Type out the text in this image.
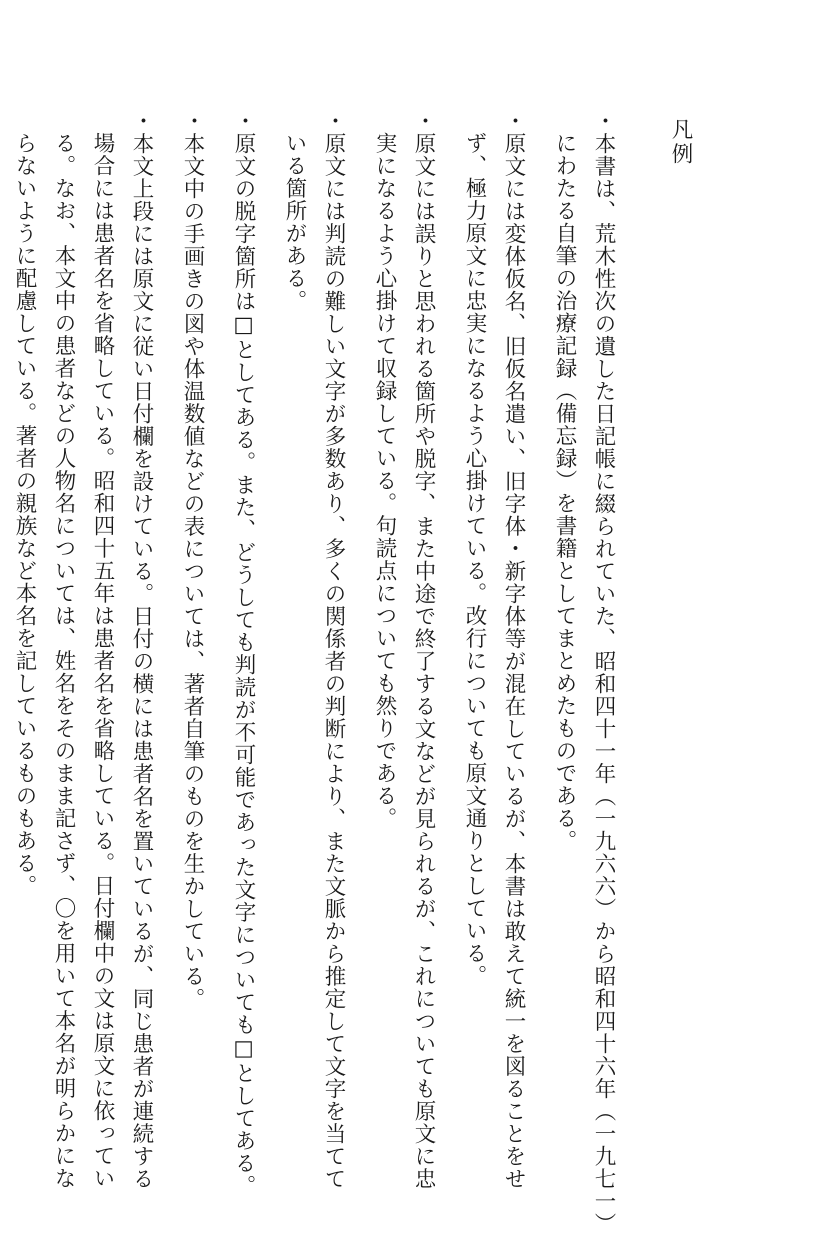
凡例
・本書は、荒木性次の遺した日記帳に綴られていた、昭和四十一年（一九六六）から昭和四十六年（一九七一）
にわたる自筆の治療記録（備忘録）を書籍としてまとめたものである。
・原文には変体仮名、旧仮名遣い、旧字体・新字体等が混在しているが、本書は敢えて統一を図ることをせ
ず、極力原文に忠実になるよう心掛けている。改行についても原文通りとしている。
・原文には誤りと思われる箇所や脱字、また中途で終了する文などが見られるが、これについても原文に忠
実になるよう心掛けて収録している。句読点についても然りである。
・原文には判読の難しい文字が多数あり、多くの関係者の判断により、また文脈から推定して文字を当てて
いる箇所がある。
・原文の脱字箇所は□としてある。また、どうしても判読が不可能であった文字についても□としてある。
・本文中の手画きの図や体温数値などの表については、著者自筆のものを生かしている。
・本文上段には原文に従い日付欄を設けている。日付の横には患者名を置いているが、同じ患者が連続する
場合には患者名を省略している。昭和四十五年は患者名を省略している。日付欄中の文は原文に依ってい
る。なお、本文中の患者などの人物名については、姓名をそのまま記さず、〇を用いて本名が明らかにな
らないように配慮している。著者の親族など本名を記しているものもある。
